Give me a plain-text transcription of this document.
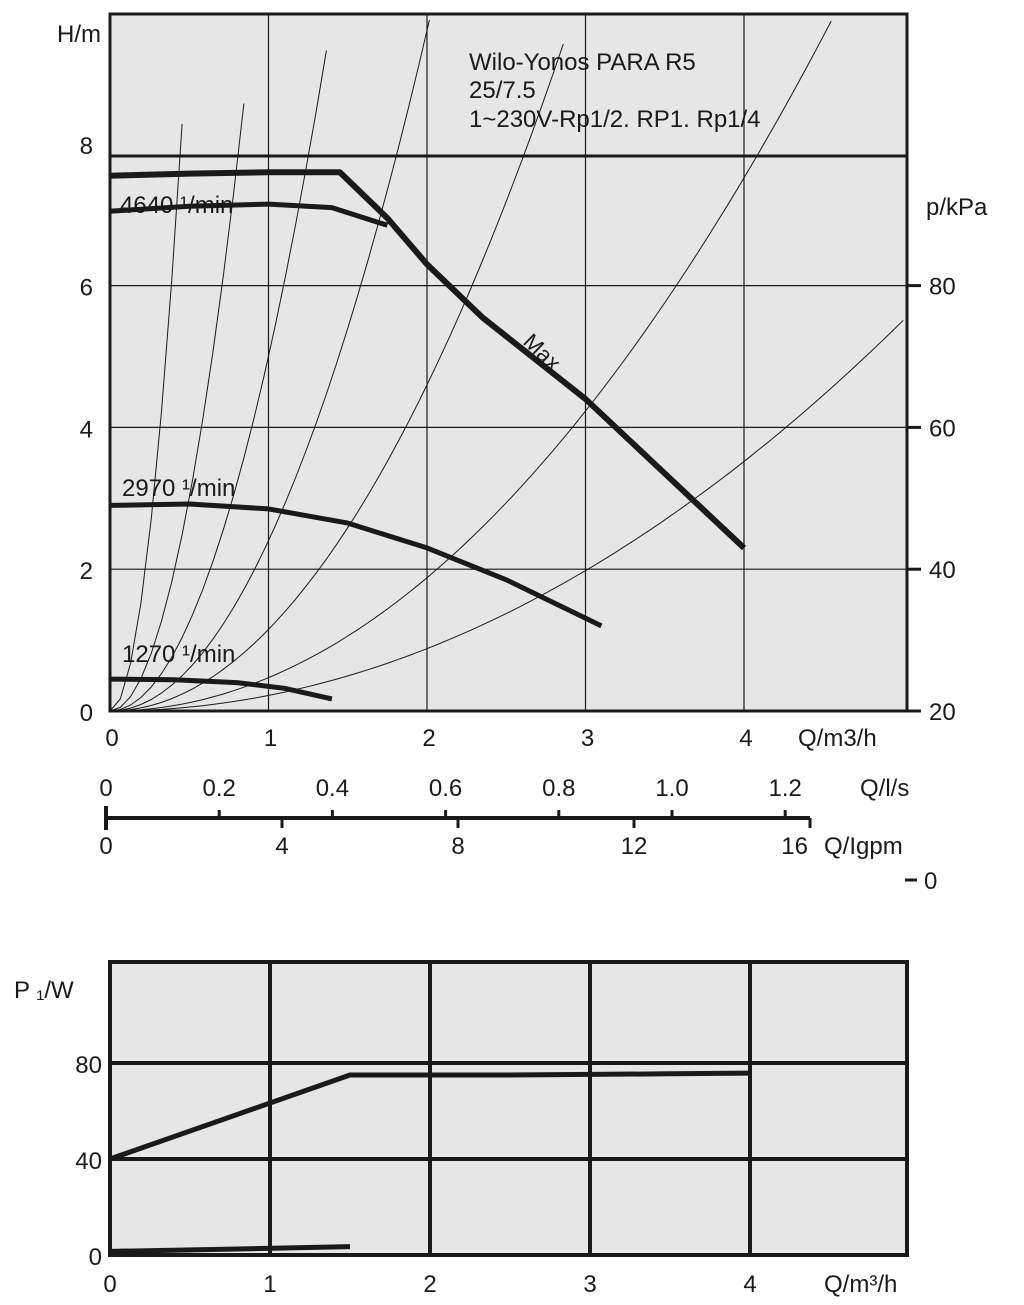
Wilo-Yonos PARA R5
25/7.5
1~230V-Rp1/2. RP1. Rp1/4
H/m
p/kPa
Q/m3/h
0
2
4
6
8
0	1	2	3	4
20
40
60
80
4640 ¹/min
2970 ¹/min
1270 ¹/min
Max.
0	0.2	0.4	0.6	0.8	1.0	1.2 Q/l/s
0	4	8	12	16 Q/Igpm
0
P ₁/W
Q/m³/h
0
40
80
0	1	2	3	4
